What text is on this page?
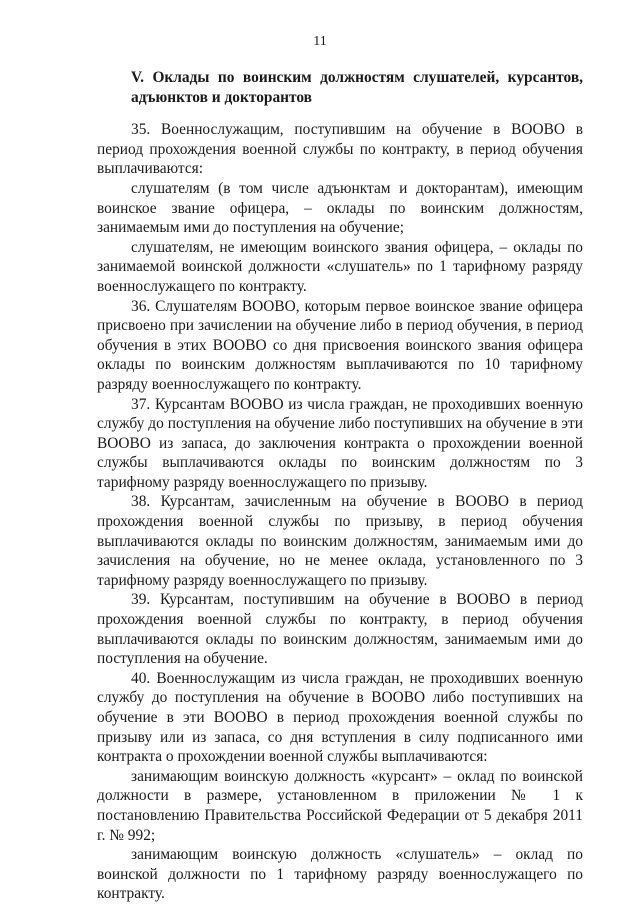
11

V. Оклады по воинским должностям слушателей, курсантов, адъюнктов и докторантов

35. Военнослужащим, поступившим на обучение в ВООВО в период прохождения военной службы по контракту, в период обучения выплачиваются:

слушателям (в том числе адъюнктам и докторантам), имеющим воинское звание офицера, – оклады по воинским должностям, занимаемым ими до поступления на обучение;

слушателям, не имеющим воинского звания офицера, – оклады по занимаемой воинской должности «слушатель» по 1 тарифному разряду военнослужащего по контракту.

36. Слушателям ВООВО, которым первое воинское звание офицера присвоено при зачислении на обучение либо в период обучения, в период обучения в этих ВООВО со дня присвоения воинского звания офицера оклады по воинским должностям выплачиваются по 10 тарифному разряду военнослужащего по контракту.

37. Курсантам ВООВО из числа граждан, не проходивших военную службу до поступления на обучение либо поступивших на обучение в эти ВООВО из запаса, до заключения контракта о прохождении военной службы выплачиваются оклады по воинским должностям по 3 тарифному разряду военнослужащего по призыву.

38. Курсантам, зачисленным на обучение в ВООВО в период прохождения военной службы по призыву, в период обучения выплачиваются оклады по воинским должностям, занимаемым ими до зачисления на обучение, но не менее оклада, установленного по 3 тарифному разряду военнослужащего по призыву.

39. Курсантам, поступившим на обучение в ВООВО в период прохождения военной службы по контракту, в период обучения выплачиваются оклады по воинским должностям, занимаемым ими до поступления на обучение.

40. Военнослужащим из числа граждан, не проходивших военную службу до поступления на обучение в ВООВО либо поступивших на обучение в эти ВООВО в период прохождения военной службы по призыву или из запаса, со дня вступления в силу подписанного ими контракта о прохождении военной службы выплачиваются:

занимающим воинскую должность «курсант» – оклад по воинской должности в размере, установленном в приложении № 1 к постановлению Правительства Российской Федерации от 5 декабря 2011 г. № 992;

занимающим воинскую должность «слушатель» – оклад по воинской должности по 1 тарифному разряду военнослужащего по контракту.
